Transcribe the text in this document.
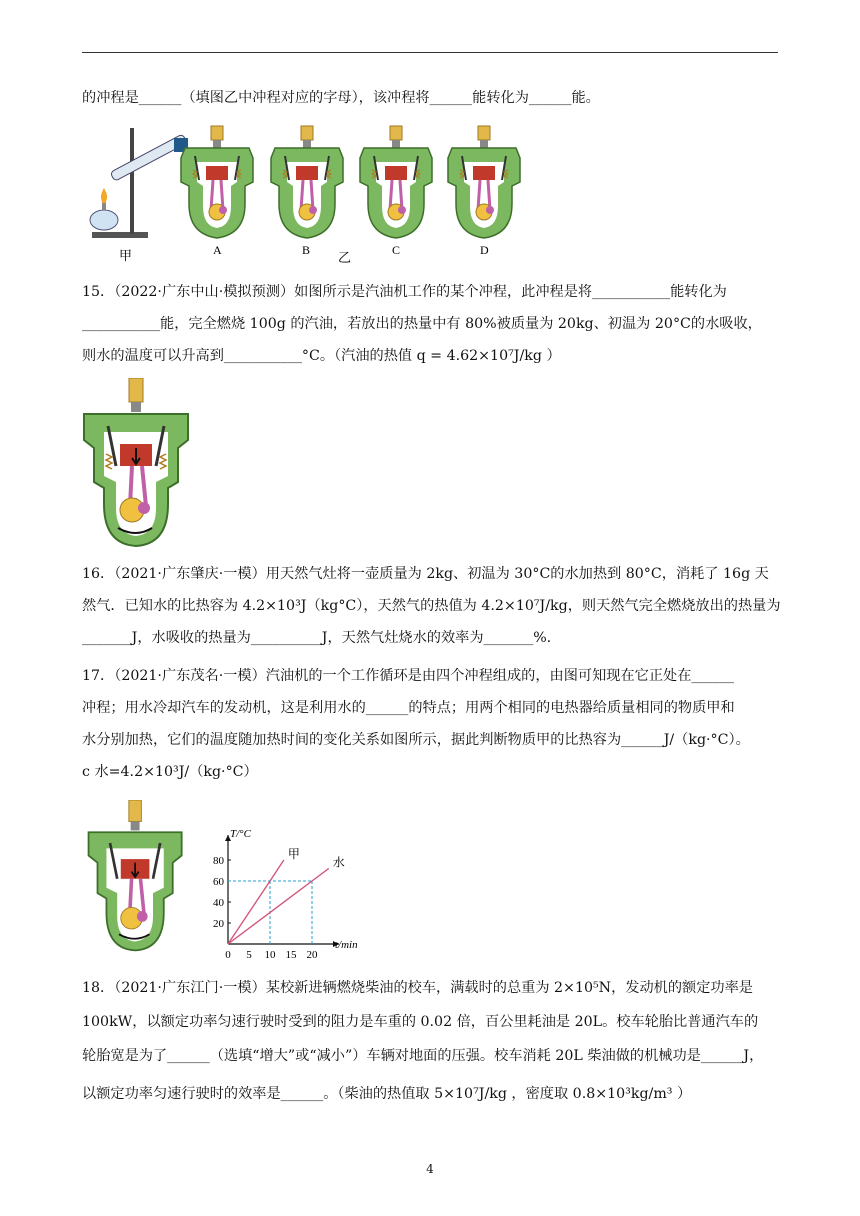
的冲程是______（填图乙中冲程对应的字母），该冲程将______能转化为______能。
甲	A	B 乙	C	D
15．（2022·广东中山·模拟预测）如图所示是汽油机工作的某个冲程，此冲程是将___________能转化为
___________能，完全燃烧 100g 的汽油，若放出的热量中有 80%被质量为 20kg、初温为 20°C的水吸收，
则水的温度可以升高到___________°C。（汽油的热值 q = 4.62×10⁷J/kg ）
16．（2021·广东肇庆·一模）用天然气灶将一壶质量为 2kg、初温为 30°C的水加热到 80°C，消耗了 16g 天
然气．已知水的比热容为 4.2×10³J（kg°C），天然气的热值为 4.2×10⁷J/kg，则天然气完全燃烧放出的热量为
_______J，水吸收的热量为__________J，天然气灶烧水的效率为_______%.
17．（2021·广东茂名·一模）汽油机的一个工作循环是由四个冲程组成的，由图可知现在它正处在______
冲程；用水冷却汽车的发动机，这是利用水的______的特点；用两个相同的电热器给质量相同的物质甲和
水分别加热，它们的温度随加热时间的变化关系如图所示，据此判断物质甲的比热容为______J/（kg·°C）。
c 水=4.2×10³J/（kg·°C）
0 5 10 15 20
20
40
60
80
T/°C
t/min
甲
水
18．（2021·广东江门·一模）某校新进辆燃烧柴油的校车，满载时的总重为 2×10⁵N，发动机的额定功率是
100kW，以额定功率匀速行驶时受到的阻力是车重的 0.02 倍，百公里耗油是 20L。校车轮胎比普通汽车的
轮胎宽是为了______（选填“增大”或“减小”）车辆对地面的压强。校车消耗 20L 柴油做的机械功是______J，
以额定功率匀速行驶时的效率是______。（柴油的热值取 5×10⁷J/kg ，密度取 0.8×10³kg/m³ ）
4
